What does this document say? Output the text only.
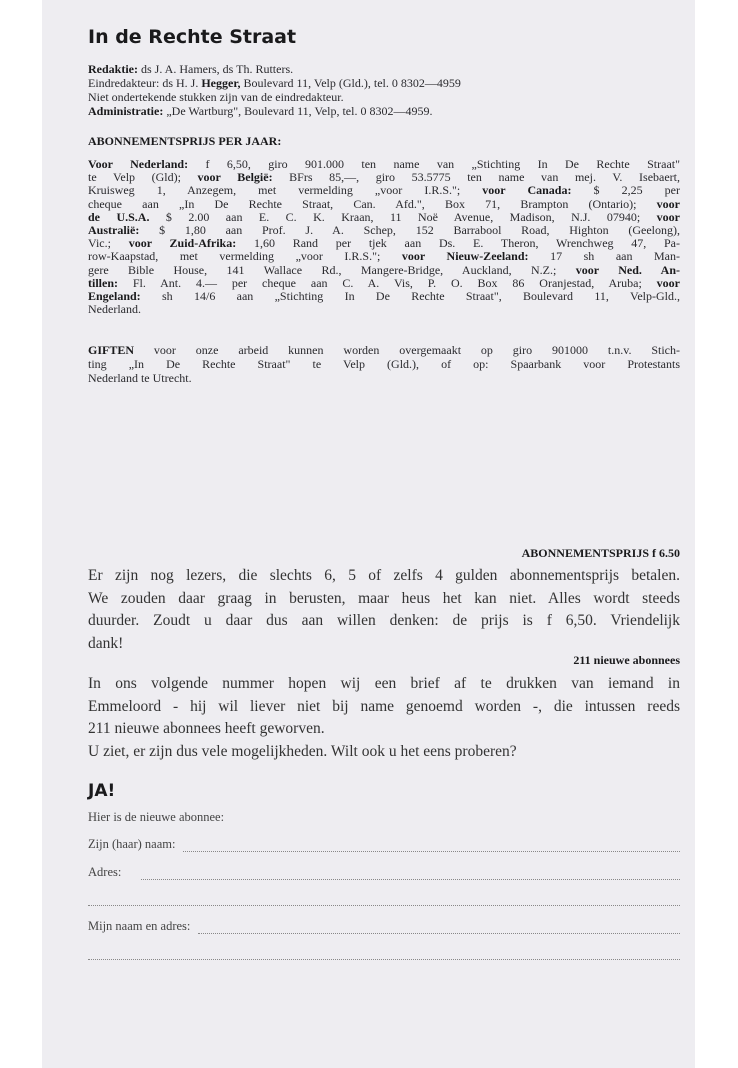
In de Rechte Straat
Redaktie: ds J. A. Hamers, ds Th. Rutters.
Eindredakteur: ds H. J. Hegger, Boulevard 11, Velp (Gld.), tel. 0 8302—4959
Niet ondertekende stukken zijn van de eindredakteur.
Administratie: „De Wartburg", Boulevard 11, Velp, tel. 0 8302—4959.
ABONNEMENTSPRIJS PER JAAR:
Voor Nederland: f 6,50, giro 901.000 ten name van „Stichting In De Rechte Straat"
te Velp (Gld); voor België: BFrs 85,—, giro 53.5775 ten name van mej. V. Isebaert,
Kruisweg 1, Anzegem, met vermelding „voor I.R.S."; voor Canada: $ 2,25 per
cheque aan „In De Rechte Straat, Can. Afd.", Box 71, Brampton (Ontario); voor
de U.S.A. $ 2.00 aan E. C. K. Kraan, 11 Noë Avenue, Madison, N.J. 07940; voor
Australië: $ 1,80 aan Prof. J. A. Schep, 152 Barrabool Road, Highton (Geelong),
Vic.; voor Zuid-Afrika: 1,60 Rand per tjek aan Ds. E. Theron, Wrenchweg 47, Pa-
row-Kaapstad, met vermelding „voor I.R.S."; voor Nieuw-Zeeland: 17 sh aan Man-
gere Bible House, 141 Wallace Rd., Mangere-Bridge, Auckland, N.Z.; voor Ned. An-
tillen: Fl. Ant. 4.— per cheque aan C. A. Vis, P. O. Box 86 Oranjestad, Aruba; voor
Engeland: sh 14/6 aan „Stichting In De Rechte Straat", Boulevard 11, Velp-Gld.,
Nederland.
GIFTEN voor onze arbeid kunnen worden overgemaakt op giro 901000 t.n.v. Stich-
ting „In De Rechte Straat" te Velp (Gld.), of op: Spaarbank voor Protestants
Nederland te Utrecht.
ABONNEMENTSPRIJS f 6.50
Er zijn nog lezers, die slechts 6, 5 of zelfs 4 gulden abonnementsprijs betalen.
We zouden daar graag in berusten, maar heus het kan niet. Alles wordt steeds
duurder. Zoudt u daar dus aan willen denken: de prijs is f 6,50. Vriendelijk
dank!
211 nieuwe abonnees
In ons volgende nummer hopen wij een brief af te drukken van iemand in
Emmeloord - hij wil liever niet bij name genoemd worden -, die intussen reeds
211 nieuwe abonnees heeft geworven.
U ziet, er zijn dus vele mogelijkheden. Wilt ook u het eens proberen?
JA!
Hier is de nieuwe abonnee:
Zijn (haar) naam:
Adres:
Mijn naam en adres:
